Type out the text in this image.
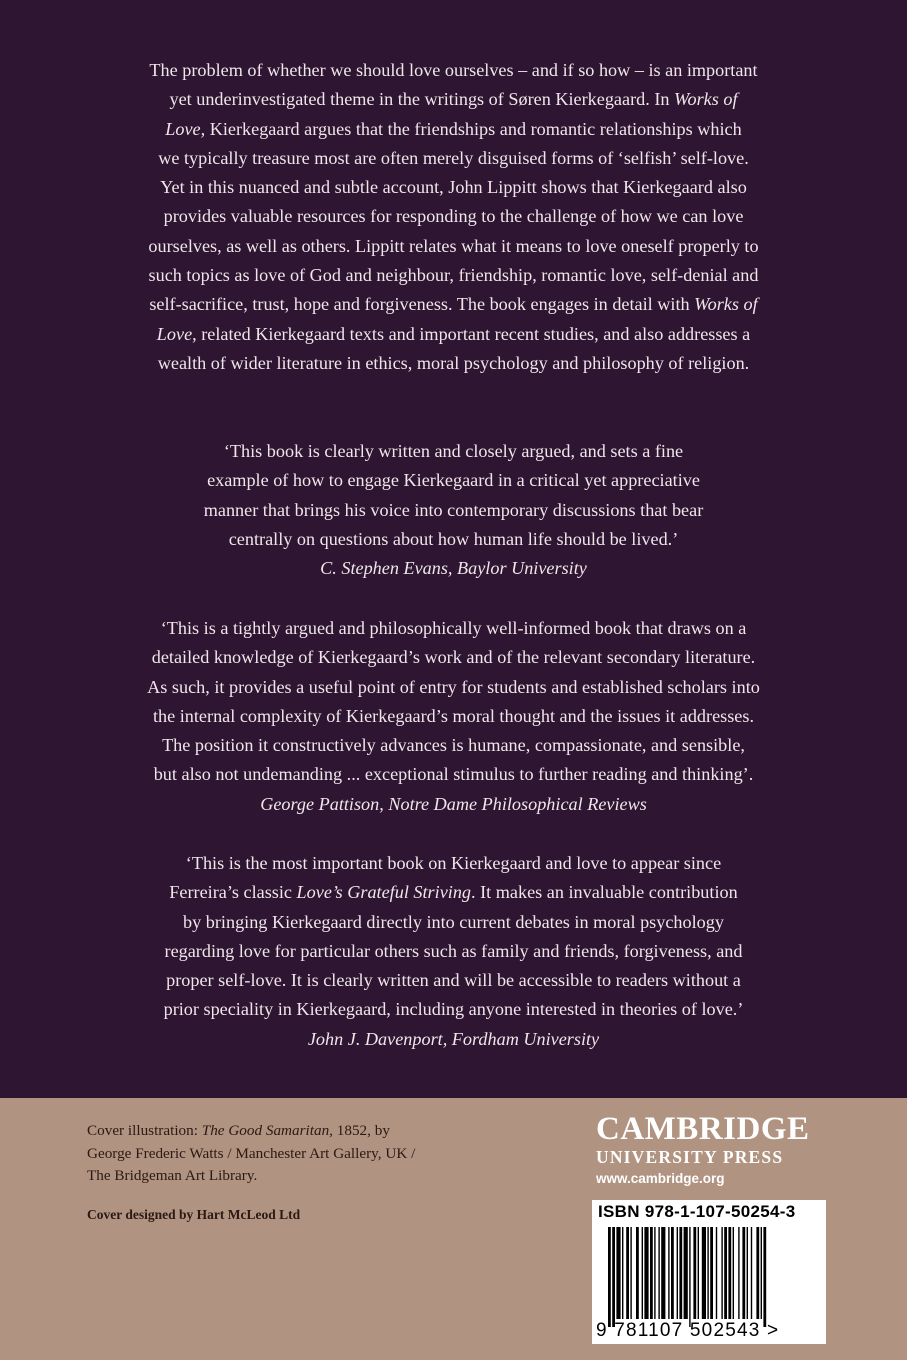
The problem of whether we should love ourselves – and if so how – is an important
yet underinvestigated theme in the writings of Søren Kierkegaard. In Works of
Love, Kierkegaard argues that the friendships and romantic relationships which
we typically treasure most are often merely disguised forms of ‘selfish’ self-love.
Yet in this nuanced and subtle account, John Lippitt shows that Kierkegaard also
provides valuable resources for responding to the challenge of how we can love
ourselves, as well as others. Lippitt relates what it means to love oneself properly to
such topics as love of God and neighbour, friendship, romantic love, self-denial and
self-sacrifice, trust, hope and forgiveness. The book engages in detail with Works of
Love, related Kierkegaard texts and important recent studies, and also addresses a
wealth of wider literature in ethics, moral psychology and philosophy of religion.
‘This book is clearly written and closely argued, and sets a fine
example of how to engage Kierkegaard in a critical yet appreciative
manner that brings his voice into contemporary discussions that bear
centrally on questions about how human life should be lived.’
C. Stephen Evans, Baylor University
‘This is a tightly argued and philosophically well-informed book that draws on a
detailed knowledge of Kierkegaard’s work and of the relevant secondary literature.
As such, it provides a useful point of entry for students and established scholars into
the internal complexity of Kierkegaard’s moral thought and the issues it addresses.
The position it constructively advances is humane, compassionate, and sensible,
but also not undemanding ... exceptional stimulus to further reading and thinking’.
George Pattison, Notre Dame Philosophical Reviews
‘This is the most important book on Kierkegaard and love to appear since
Ferreira’s classic Love’s Grateful Striving. It makes an invaluable contribution
by bringing Kierkegaard directly into current debates in moral psychology
regarding love for particular others such as family and friends, forgiveness, and
proper self-love. It is clearly written and will be accessible to readers without a
prior speciality in Kierkegaard, including anyone interested in theories of love.’
John J. Davenport, Fordham University
Cover illustration: The Good Samaritan, 1852, by
George Frederic Watts / Manchester Art Gallery, UK /
The Bridgeman Art Library.
Cover designed by Hart McLeod Ltd
CAMBRIDGE
UNIVERSITY PRESS
www.cambridge.org
ISBN 978-1-107-50254-3
9 781107 502543 >
